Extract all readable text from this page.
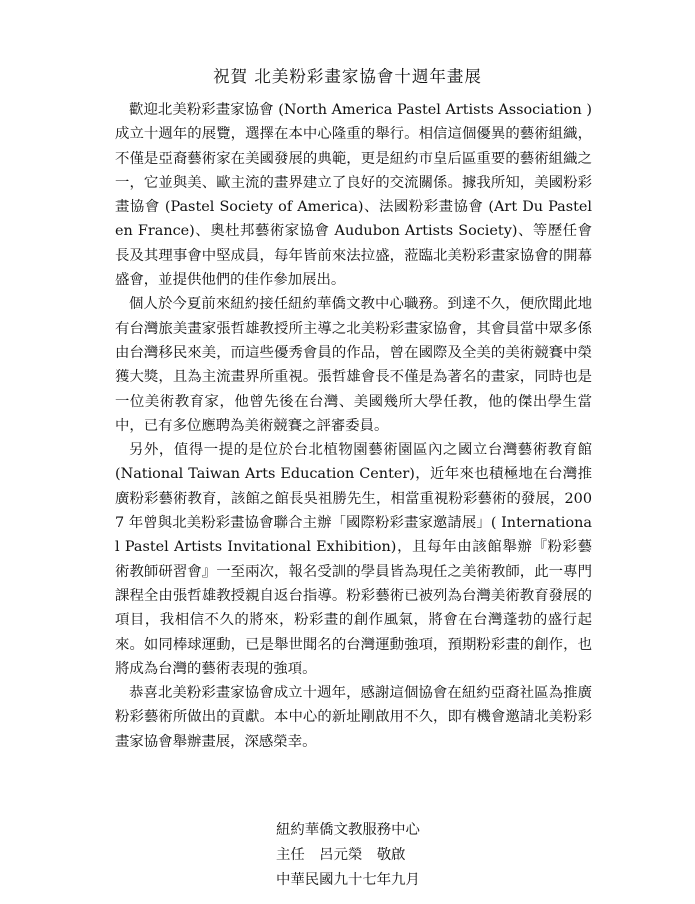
祝賀 北美粉彩畫家協會十週年畫展

歡迎北美粉彩畫家協會 (North America Pastel Artists Association ) 成立十週年的展覽，選擇在本中心隆重的舉行。相信這個優異的藝術組織，不僅是亞裔藝術家在美國發展的典範，更是紐約市皇后區重要的藝術組織之一，它並與美、歐主流的畫界建立了良好的交流關係。據我所知，美國粉彩畫協會 (Pastel Society of America)、法國粉彩畫協會 (Art Du Pastel en France)、奧杜邦藝術家協會 Audubon Artists Society)、等歷任會長及其理事會中堅成員，每年皆前來法拉盛，蒞臨北美粉彩畫家協會的開幕盛會，並提供他們的佳作參加展出。

個人於今夏前來紐約接任紐約華僑文教中心職務。到達不久，便欣聞此地有台灣旅美畫家張哲雄教授所主導之北美粉彩畫家協會，其會員當中眾多係由台灣移民來美，而這些優秀會員的作品，曾在國際及全美的美術競賽中榮獲大獎，且為主流畫界所重視。張哲雄會長不僅是為著名的畫家，同時也是一位美術教育家，他曾先後在台灣、美國幾所大學任教，他的傑出學生當中，已有多位應聘為美術競賽之評審委員。

另外，值得一提的是位於台北植物園藝術園區內之國立台灣藝術教育館 (National Taiwan Arts Education Center)，近年來也積極地在台灣推廣粉彩藝術教育，該館之館長吳祖勝先生，相當重視粉彩藝術的發展，2007 年曾與北美粉彩畫協會聯合主辦「國際粉彩畫家邀請展」( International Pastel Artists Invitational Exhibition)，且每年由該館舉辦『粉彩藝術教師研習會』一至兩次，報名受訓的學員皆為現任之美術教師，此一專門課程全由張哲雄教授親自返台指導。粉彩藝術已被列為台灣美術教育發展的項目，我相信不久的將來，粉彩畫的創作風氣，將會在台灣蓬勃的盛行起來。如同棒球運動，已是舉世聞名的台灣運動強項，預期粉彩畫的創作，也將成為台灣的藝術表現的強項。

恭喜北美粉彩畫家協會成立十週年，感謝這個協會在紐約亞裔社區為推廣粉彩藝術所做出的貢獻。本中心的新址剛啟用不久，即有機會邀請北美粉彩畫家協會舉辦畫展，深感榮幸。

紐約華僑文教服務中心
主任　呂元榮　敬啟
中華民國九十七年九月
